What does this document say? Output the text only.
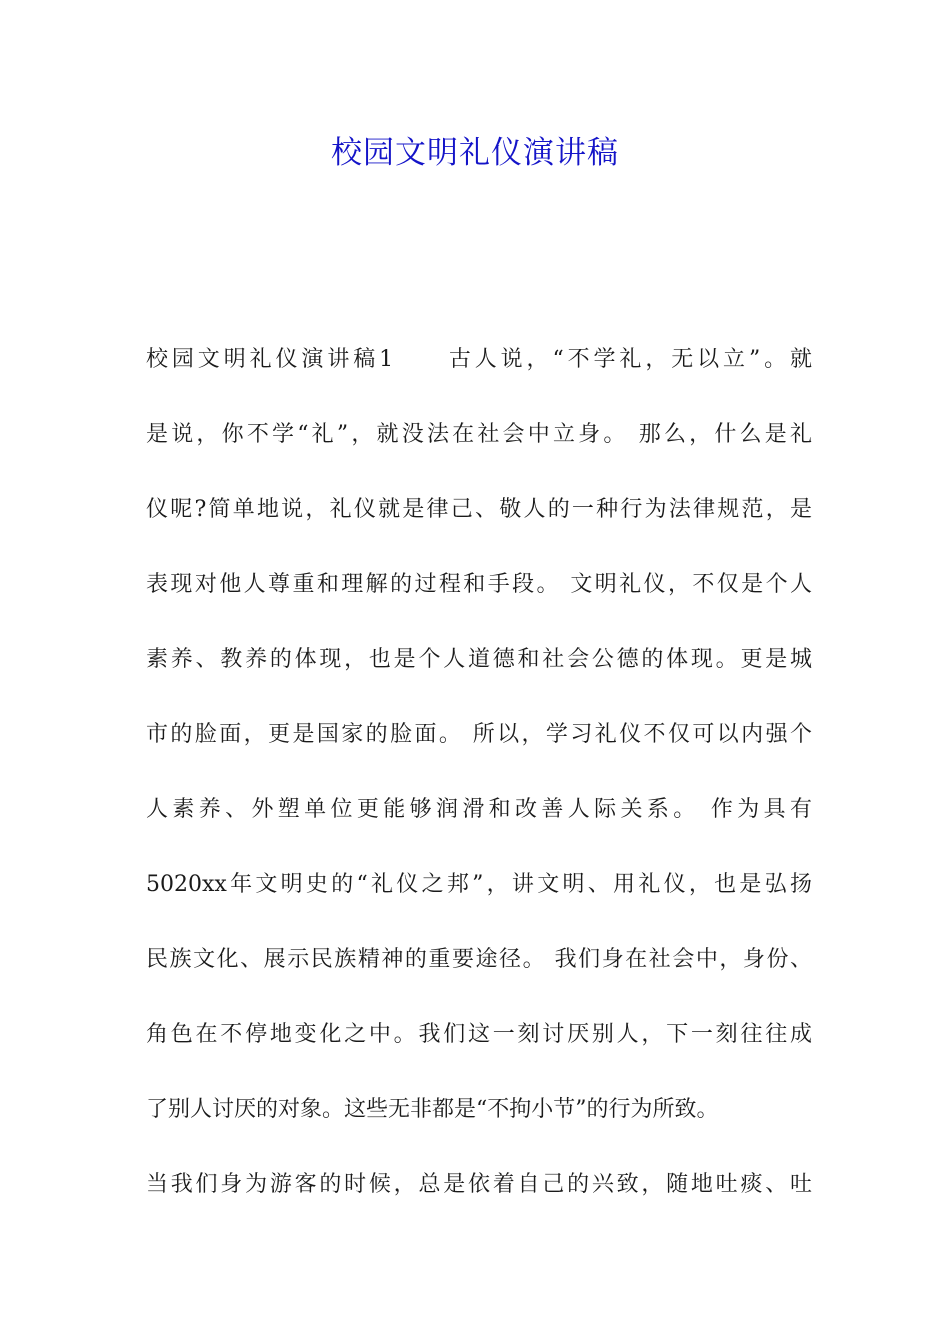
校园文明礼仪演讲稿
校园文明礼仪演讲稿1　　古人说，“不学礼，无以立”。就
是说，你不学“礼”，就没法在社会中立身。 那么，什么是礼
仪呢?简单地说，礼仪就是律己、敬人的一种行为法律规范，是
表现对他人尊重和理解的过程和手段。 文明礼仪，不仅是个人
素养、教养的体现，也是个人道德和社会公德的体现。更是城
市的脸面，更是国家的脸面。 所以，学习礼仪不仅可以内强个
人素养、外塑单位更能够润滑和改善人际关系。 作为具有
5020xx年文明史的“礼仪之邦”，讲文明、用礼仪，也是弘扬
民族文化、展示民族精神的重要途径。 我们身在社会中，身份、
角色在不停地变化之中。我们这一刻讨厌别人，下一刻往往成
了别人讨厌的对象。这些无非都是“不拘小节”的行为所致。
当我们身为游客的时候，总是依着自己的兴致，随地吐痰、吐
